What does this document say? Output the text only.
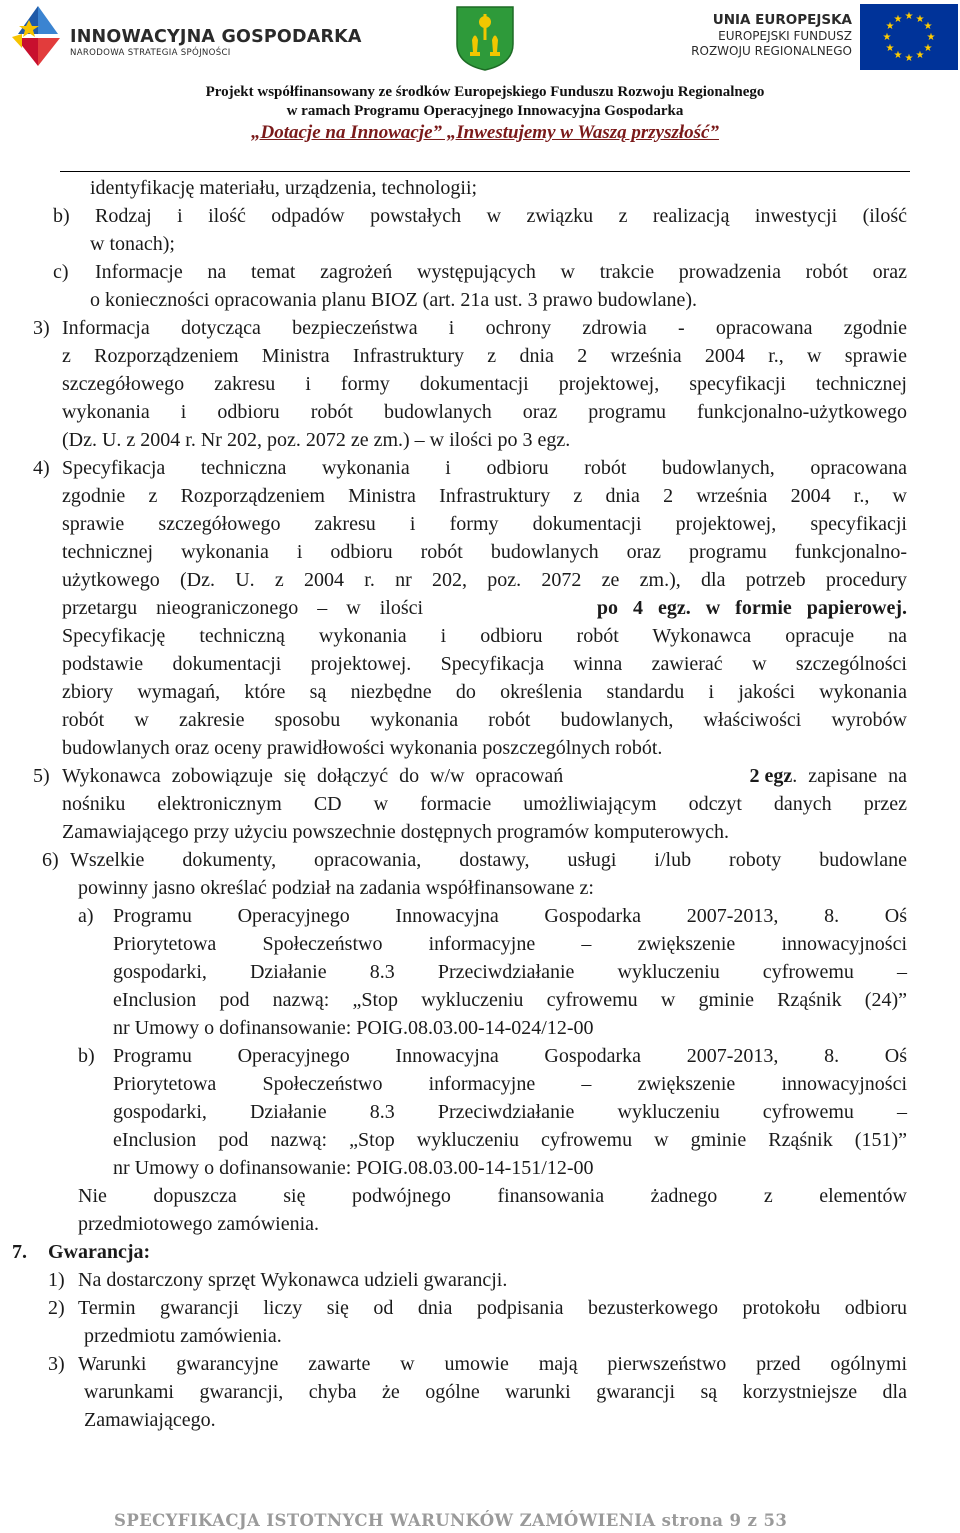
INNOWACYJNA GOSPODARKA
NARODOWA STRATEGIA SPÓJNOŚCI
UNIA EUROPEJSKA
EUROPEJSKI FUNDUSZ
ROZWOJU REGIONALNEGO
★ ★
★
★
★
★
★
★
★
★
★
★
Projekt współfinansowany ze środków Europejskiego Funduszu Rozwoju Regionalnego
w ramach Programu Operacyjnego Innowacyjna Gospodarka
„Dotacje na Innowacje” „Inwestujemy w Waszą przyszłość”
identyfikację materiału, urządzenia, technologii;
b) Rodzaj i ilość odpadów powstałych w związku z realizacją inwestycji (ilość
w tonach);
c) Informacje na temat zagrożeń występujących w trakcie prowadzenia robót oraz
o konieczności opracowania planu BIOZ (art. 21a ust. 3 prawo budowlane).
3) Informacja dotycząca bezpieczeństwa i ochrony zdrowia - opracowana zgodnie
z Rozporządzeniem Ministra Infrastruktury z dnia 2 września 2004 r., w sprawie
szczegółowego zakresu i formy dokumentacji projektowej, specyfikacji technicznej
wykonania i odbioru robót budowlanych oraz programu funkcjonalno-użytkowego
(Dz. U. z 2004 r. Nr 202, poz. 2072 ze zm.) – w ilości po 3 egz.
4) Specyfikacja techniczna wykonania i odbioru robót budowlanych, opracowana
zgodnie z Rozporządzeniem Ministra Infrastruktury z dnia 2 września 2004 r., w
sprawie szczegółowego zakresu i formy dokumentacji projektowej, specyfikacji
technicznej wykonania i odbioru robót budowlanych oraz programu funkcjonalno-
użytkowego (Dz. U. z 2004 r. nr 202, poz. 2072 ze zm.), dla potrzeb procedury
przetargu nieograniczonego – w ilości	po 4 egz. w formie papierowej.
Specyfikację techniczną wykonania i odbioru robót Wykonawca opracuje na
podstawie dokumentacji projektowej. Specyfikacja winna zawierać w szczególności
zbiory wymagań, które są niezbędne do określenia standardu i jakości wykonania
robót w zakresie sposobu wykonania robót budowlanych, właściwości wyrobów
budowlanych oraz oceny prawidłowości wykonania poszczególnych robót.
5) Wykonawca zobowiązuje się dołączyć do w/w opracowań	2 egz. zapisane na
nośniku elektronicznym CD w formacie umożliwiającym odczyt danych przez
Zamawiającego przy użyciu powszechnie dostępnych programów komputerowych.
6) Wszelkie dokumenty, opracowania, dostawy, usługi i/lub roboty budowlane
powinny jasno określać podział na zadania współfinansowane z:
a) Programu Operacyjnego Innowacyjna Gospodarka 2007-2013, 8. Oś
Priorytetowa Społeczeństwo informacyjne – zwiększenie innowacyjności
gospodarki, Działanie 8.3 Przeciwdziałanie wykluczeniu cyfrowemu –
eInclusion pod nazwą: „Stop wykluczeniu cyfrowemu w gminie Rząśnik (24)”
nr Umowy o dofinansowanie: POIG.08.03.00-14-024/12-00
b) Programu Operacyjnego Innowacyjna Gospodarka 2007-2013, 8. Oś
Priorytetowa Społeczeństwo informacyjne – zwiększenie innowacyjności
gospodarki, Działanie 8.3 Przeciwdziałanie wykluczeniu cyfrowemu –
eInclusion pod nazwą: „Stop wykluczeniu cyfrowemu w gminie Rząśnik (151)”
nr Umowy o dofinansowanie: POIG.08.03.00-14-151/12-00
Nie dopuszcza się podwójnego finansowania żadnego z elementów
przedmiotowego zamówienia.
7. Gwarancja:
1) Na dostarczony sprzęt Wykonawca udzieli gwarancji.
2) Termin gwarancji liczy się od dnia podpisania bezusterkowego protokołu odbioru
przedmiotu zamówienia.
3) Warunki gwarancyjne zawarte w umowie mają pierwszeństwo przed ogólnymi
warunkami gwarancji, chyba że ogólne warunki gwarancji są korzystniejsze dla
Zamawiającego.
SPECYFIKACJA ISTOTNYCH WARUNKÓW ZAMÓWIENIA strona 9 z 53
